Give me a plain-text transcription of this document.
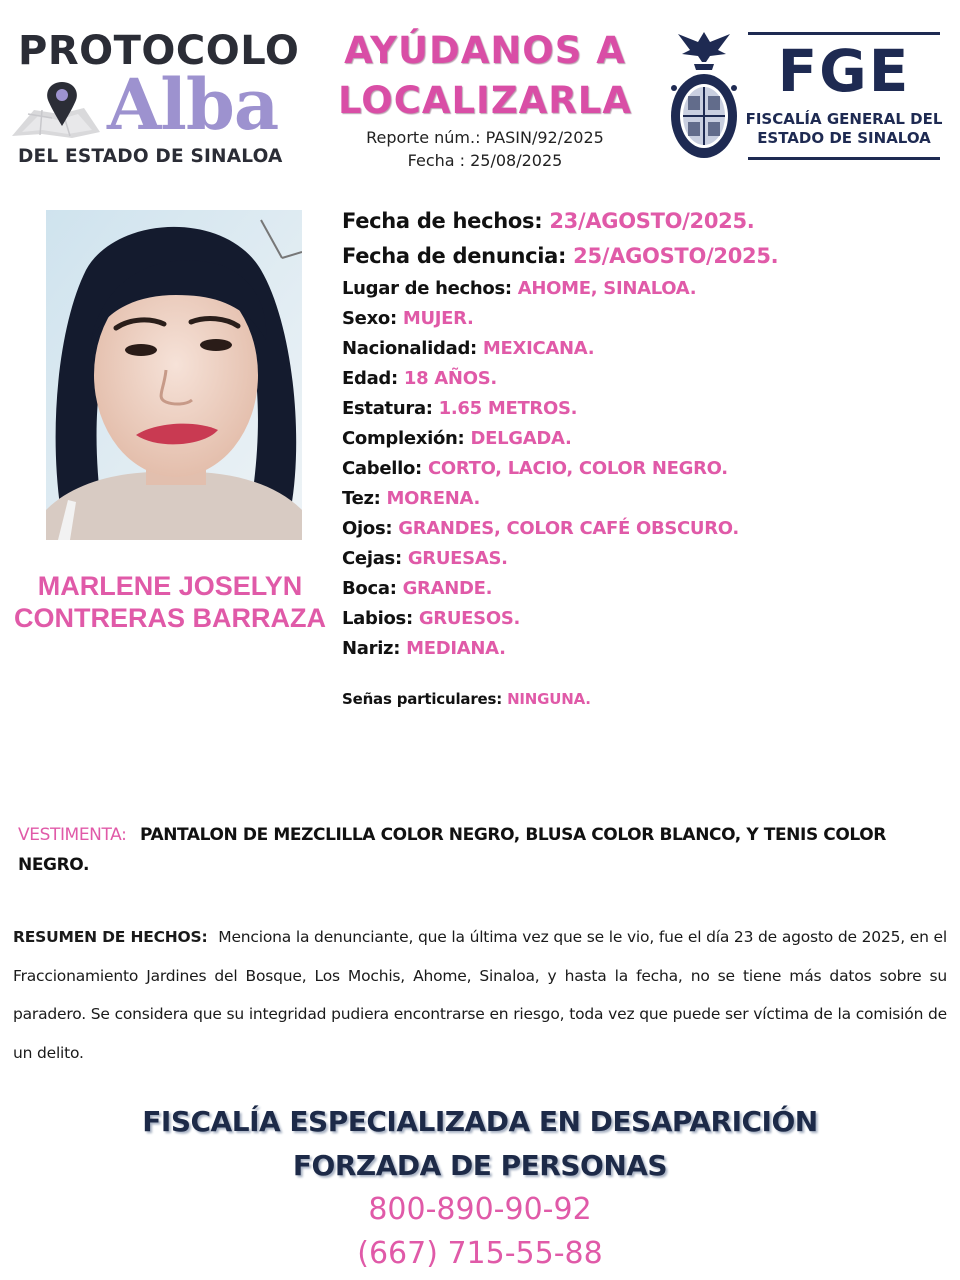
PROTOCOLO
Alba
DEL ESTADO DE SINALOA
AYÚDANOS A
LOCALIZARLA
Reporte núm.: PASIN/92/2025
Fecha : 25/08/2025
FGE
FISCALÍA GENERAL DEL
ESTADO DE SINALOA
MARLENE JOSELYN
CONTRERAS BARRAZA
Fecha de hechos: 23/AGOSTO/2025.
Fecha de denuncia: 25/AGOSTO/2025.
Lugar de hechos: AHOME, SINALOA.
Sexo: MUJER.
Nacionalidad: MEXICANA.
Edad: 18 AÑOS.
Estatura: 1.65 METROS.
Complexión: DELGADA.
Cabello: CORTO, LACIO, COLOR NEGRO.
Tez: MORENA.
Ojos: GRANDES, COLOR CAFÉ OBSCURO.
Cejas: GRUESAS.
Boca: GRANDE.
Labios: GRUESOS.
Nariz: MEDIANA.
Señas particulares: NINGUNA.
VESTIMENTA: PANTALON DE MEZCLILLA COLOR NEGRO, BLUSA COLOR BLANCO, Y TENIS COLOR NEGRO.
RESUMEN DE HECHOS: Menciona la denunciante, que la última vez que se le vio, fue el día 23 de agosto de 2025, en el Fraccionamiento Jardines del Bosque, Los Mochis, Ahome, Sinaloa, y hasta la fecha, no se tiene más datos sobre su paradero. Se considera que su integridad pudiera encontrarse en riesgo, toda vez que puede ser víctima de la comisión de un delito.
FISCALÍA ESPECIALIZADA EN DESAPARICIÓN
FORZADA DE PERSONAS
800-890-90-92
(667) 715-55-88
